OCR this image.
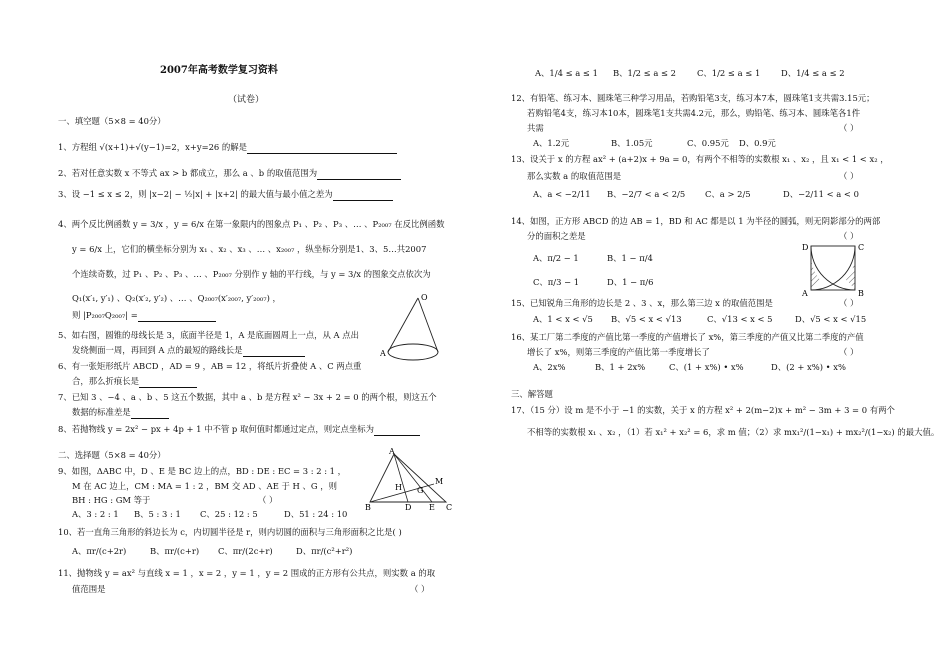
2007年高考数学复习资料
（试卷）
一、填空题（5×8 = 40分）
1、方程组 √(x+1)+√(y−1)=2，x+y=26 的解是
2、若对任意实数 x 不等式 ax > b 都成立，那么 a 、b 的取值范围为
3、设 −1 ≤ x ≤ 2，则 |x−2| − ½|x| + |x+2| 的最大值与最小值之差为
4、两个反比例函数 y = 3/x ，y = 6/x 在第一象限内的图象点 P₁ 、P₂ 、P₃ 、… 、P₂₀₀₇ 在反比例函数
y = 6/x 上，它们的横坐标分别为 x₁ 、x₂ 、x₃ 、… 、x₂₀₀₇ ，纵坐标分别是1、3、5…共2007
个连续奇数，过 P₁ 、P₂ 、P₃ 、… 、P₂₀₀₇ 分别作 y 轴的平行线，与 y = 3/x 的图象交点依次为
Q₁(x′₁, y′₁) 、Q₂(x′₂, y′₂) 、… 、Q₂₀₀₇(x′₂₀₀₇, y′₂₀₀₇) ，
则 |P₂₀₀₇Q₂₀₀₇| =
5、如右图，圆锥的母线长是 3，底面半径是 1，A 是底面圆周上一点，从 A 点出
发绕侧面一周，再回到 A 点的最短的路线长是
6、有一张矩形纸片 ABCD ，AD = 9 ，AB = 12 ，将纸片折叠使 A 、C 两点重
合，那么折痕长是
7、已知 3 、−4 、a 、b 、5 这五个数据，其中 a 、b 是方程 x² − 3x + 2 = 0 的两个根，则这五个
数据的标准差是
8、若抛物线 y = 2x² − px + 4p + 1 中不管 p 取何值时都通过定点，则定点坐标为
二、选择题（5×8 = 40分）
9、如图，ΔABC 中，D 、E 是 BC 边上的点，BD : DE : EC = 3 : 2 : 1 ，
M 在 AC 边上，CM : MA = 1 : 2 ，BM 交 AD 、AE 于 H 、G ，则
BH : HG : GM 等于	（ ）
A、3 : 2 : 1 B、5 : 3 : 1 C、25 : 12 : 5	D、51 : 24 : 10
10、若一直角三角形的斜边长为 c，内切圆半径是 r，则内切圆的面积与三角形面积之比是( )
A、πr/(c+2r)	B、πr/(c+r) C、πr/(2c+r)	D、πr/(c²+r²)
11、抛物线 y = ax² 与直线 x = 1 ，x = 2 ，y = 1 ，y = 2 围成的正方形有公共点，则实数 a 的取
值范围是	（ ）
O
A
A
B	C
D E
M
H G
A、1/4 ≤ a ≤ 1 B、1/2 ≤ a ≤ 2 C、1/2 ≤ a ≤ 1 D、1/4 ≤ a ≤ 2
12、有铅笔、练习本、圆珠笔三种学习用品，若购铅笔3支，练习本7本，圆珠笔1支共需3.15元；
若购铅笔4支，练习本10本，圆珠笔1支共需4.2元，那么，购铅笔、练习本、圆珠笔各1件
共需	（ ）
A、1.2元	B、1.05元	C、0.95元 D、0.9元
13、设关于 x 的方程 ax² + (a+2)x + 9a = 0，有两个不相等的实数根 x₁ 、x₂ ，且 x₁ < 1 < x₂ ，
那么实数 a 的取值范围是	（ ）
A、a < −2/11 B、−2/7 < a < 2/5 C、a > 2/5	D、−2/11 < a < 0
14、如图，正方形 ABCD 的边 AB = 1，BD 和 AC 都是以 1 为半径的圆弧，则无阴影部分的两部
分的面积之差是	（ ）
A、π/2 − 1	B、1 − π/4
C、π/3 − 1	D、1 − π/6
15、已知锐角三角形的边长是 2 、3 、x，那么第三边 x 的取值范围是	（ ）
A、1 < x < √5 B、√5 < x < √13	C、√13 < x < 5	D、√5 < x < √15
16、某工厂第二季度的产值比第一季度的产值增长了 x%，第三季度的产值又比第二季度的产值
增长了 x%，则第三季度的产值比第一季度增长了	（ ）
A、2x%	B、1 + 2x%	C、(1 + x%) • x%	D、(2 + x%) • x%
三、解答题
17、（15 分）设 m 是不小于 −1 的实数，关于 x 的方程 x² + 2(m−2)x + m² − 3m + 3 = 0 有两个
不相等的实数根 x₁ 、x₂ ，（1）若 x₁² + x₂² = 6，求 m 值；（2）求 mx₁²/(1−x₁) + mx₂²/(1−x₂) 的最大值。
D	C
A	B
